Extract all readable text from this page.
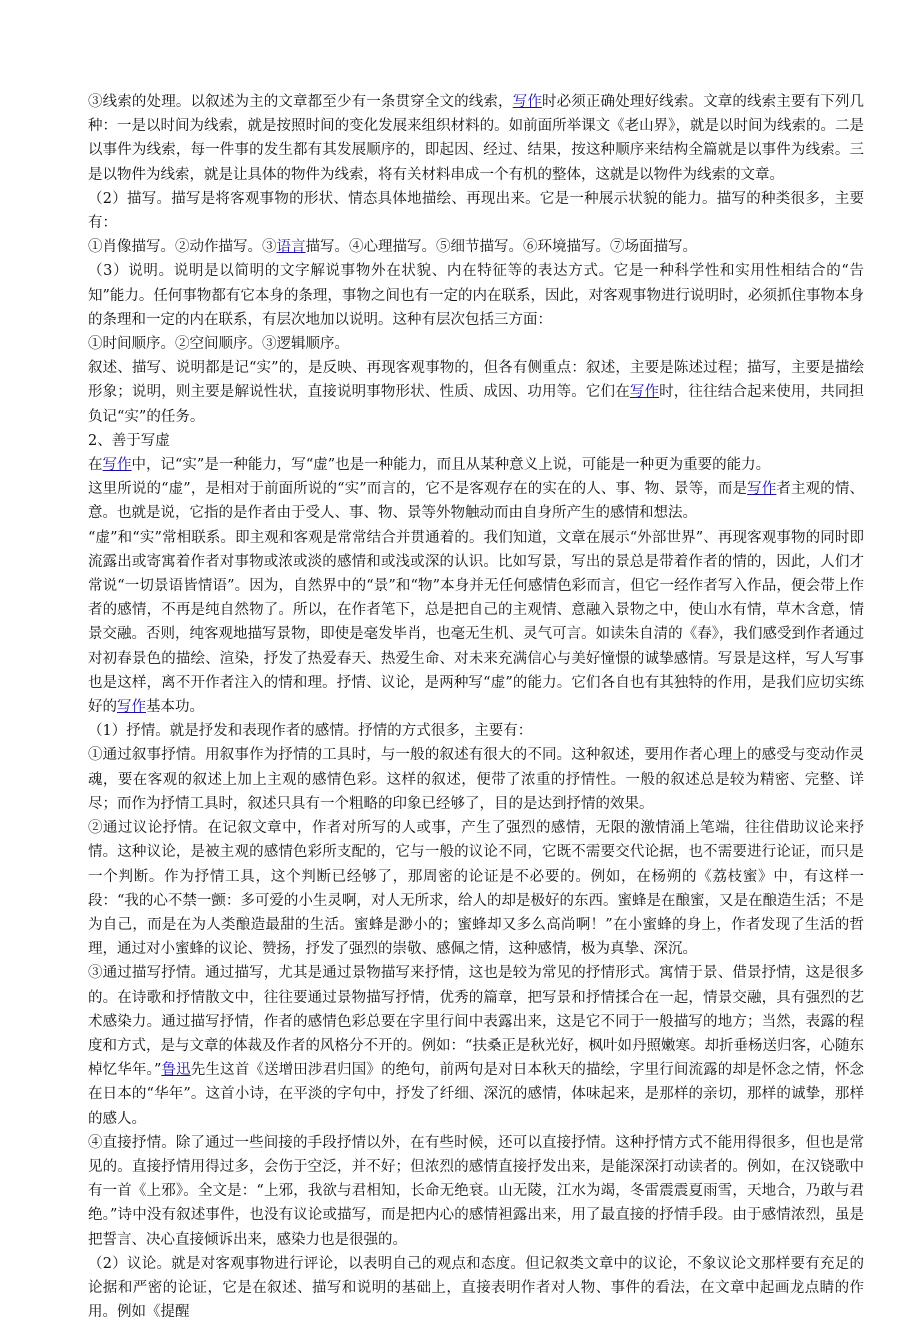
③线索的处理。以叙述为主的文章都至少有一条贯穿全文的线索，写作时必须正确处理好线索。文章的线索主要有下列几种：一是以时间为线索，就是按照时间的变化发展来组织材料的。如前面所举课文《老山界》，就是以时间为线索的。二是以事件为线索，每一件事的发生都有其发展顺序的，即起因、经过、结果，按这种顺序来结构全篇就是以事件为线索。三是以物件为线索，就是让具体的物件为线索，将有关材料串成一个有机的整体，这就是以物件为线索的文章。

（2）描写。描写是将客观事物的形状、情态具体地描绘、再现出来。它是一种展示状貌的能力。描写的种类很多，主要有：

①肖像描写。②动作描写。③语言描写。④心理描写。⑤细节描写。⑥环境描写。⑦场面描写。

（3）说明。说明是以简明的文字解说事物外在状貌、内在特征等的表达方式。它是一种科学性和实用性相结合的“告知”能力。任何事物都有它本身的条理，事物之间也有一定的内在联系，因此，对客观事物进行说明时，必须抓住事物本身的条理和一定的内在联系，有层次地加以说明。这种有层次包括三方面：

①时间顺序。②空间顺序。③逻辑顺序。

叙述、描写、说明都是记“实”的，是反映、再现客观事物的，但各有侧重点：叙述，主要是陈述过程；描写，主要是描绘形象；说明，则主要是解说性状，直接说明事物形状、性质、成因、功用等。它们在写作时，往往结合起来使用，共同担负记“实”的任务。

2、善于写虚

在写作中，记“实”是一种能力，写“虚”也是一种能力，而且从某种意义上说，可能是一种更为重要的能力。

这里所说的“虚”，是相对于前面所说的“实”而言的，它不是客观存在的实在的人、事、物、景等，而是写作者主观的情、意。也就是说，它指的是作者由于受人、事、物、景等外物触动而由自身所产生的感情和想法。

“虚”和“实”常相联系。即主观和客观是常常结合并贯通着的。我们知道，文章在展示“外部世界”、再现客观事物的同时即流露出或寄寓着作者对事物或浓或淡的感情和或浅或深的认识。比如写景，写出的景总是带着作者的情的，因此，人们才常说“一切景语皆情语”。因为，自然界中的“景”和“物”本身并无任何感情色彩而言，但它一经作者写入作品，便会带上作者的感情，不再是纯自然物了。所以，在作者笔下，总是把自己的主观情、意融入景物之中，使山水有情，草木含意，情景交融。否则，纯客观地描写景物，即使是毫发毕肖，也毫无生机、灵气可言。如读朱自清的《春》，我们感受到作者通过对初春景色的描绘、渲染，抒发了热爱春天、热爱生命、对未来充满信心与美好憧憬的诚挚感情。写景是这样，写人写事也是这样，离不开作者注入的情和理。抒情、议论，是两种写“虚”的能力。它们各自也有其独特的作用，是我们应切实练好的写作基本功。

（1）抒情。就是抒发和表现作者的感情。抒情的方式很多，主要有：

①通过叙事抒情。用叙事作为抒情的工具时，与一般的叙述有很大的不同。这种叙述，要用作者心理上的感受与变动作灵魂，要在客观的叙述上加上主观的感情色彩。这样的叙述，便带了浓重的抒情性。一般的叙述总是较为精密、完整、详尽；而作为抒情工具时，叙述只具有一个粗略的印象已经够了，目的是达到抒情的效果。

②通过议论抒情。在记叙文章中，作者对所写的人或事，产生了强烈的感情，无限的激情涌上笔端，往往借助议论来抒情。这种议论，是被主观的感情色彩所支配的，它与一般的议论不同，它既不需要交代论据，也不需要进行论证，而只是一个判断。作为抒情工具，这个判断已经够了，那周密的论证是不必要的。例如，在杨朔的《荔枝蜜》中，有这样一段：“我的心不禁一颤：多可爱的小生灵啊，对人无所求，给人的却是极好的东西。蜜蜂是在酿蜜，又是在酿造生活；不是为自己，而是在为人类酿造最甜的生活。蜜蜂是渺小的；蜜蜂却又多么高尚啊！”在小蜜蜂的身上，作者发现了生活的哲理，通过对小蜜蜂的议论、赞扬，抒发了强烈的崇敬、感佩之情，这种感情，极为真挚、深沉。

③通过描写抒情。通过描写，尤其是通过景物描写来抒情，这也是较为常见的抒情形式。寓情于景、借景抒情，这是很多的。在诗歌和抒情散文中，往往要通过景物描写抒情，优秀的篇章，把写景和抒情揉合在一起，情景交融，具有强烈的艺术感染力。通过描写抒情，作者的感情色彩总要在字里行间中表露出来，这是它不同于一般描写的地方；当然，表露的程度和方式，是与文章的体裁及作者的风格分不开的。例如：“扶桑正是秋光好，枫叶如丹照嫩寒。却折垂杨送归客，心随东棹忆华年。”鲁迅先生这首《送增田涉君归国》的绝句，前两句是对日本秋天的描绘，字里行间流露的却是怀念之情，怀念在日本的“华年”。这首小诗，在平淡的字句中，抒发了纤细、深沉的感情，体味起来，是那样的亲切，那样的诚挚，那样的感人。

④直接抒情。除了通过一些间接的手段抒情以外，在有些时候，还可以直接抒情。这种抒情方式不能用得很多，但也是常见的。直接抒情用得过多，会伤于空泛，并不好；但浓烈的感情直接抒发出来，是能深深打动读者的。例如，在汉铙歌中有一首《上邪》。全文是：“上邪，我欲与君相知，长命无绝衰。山无陵，江水为竭，冬雷震震夏雨雪，天地合，乃敢与君绝。”诗中没有叙述事件，也没有议论或描写，而是把内心的感情袒露出来，用了最直接的抒情手段。由于感情浓烈，虽是把誓言、决心直接倾诉出来，感染力也是很强的。

（2）议论。就是对客观事物进行评论，以表明自己的观点和态度。但记叙类文章中的议论，不象议论文那样要有充足的论据和严密的论证，它是在叙述、描写和说明的基础上，直接表明作者对人物、事件的看法，在文章中起画龙点睛的作用。例如《提醒
